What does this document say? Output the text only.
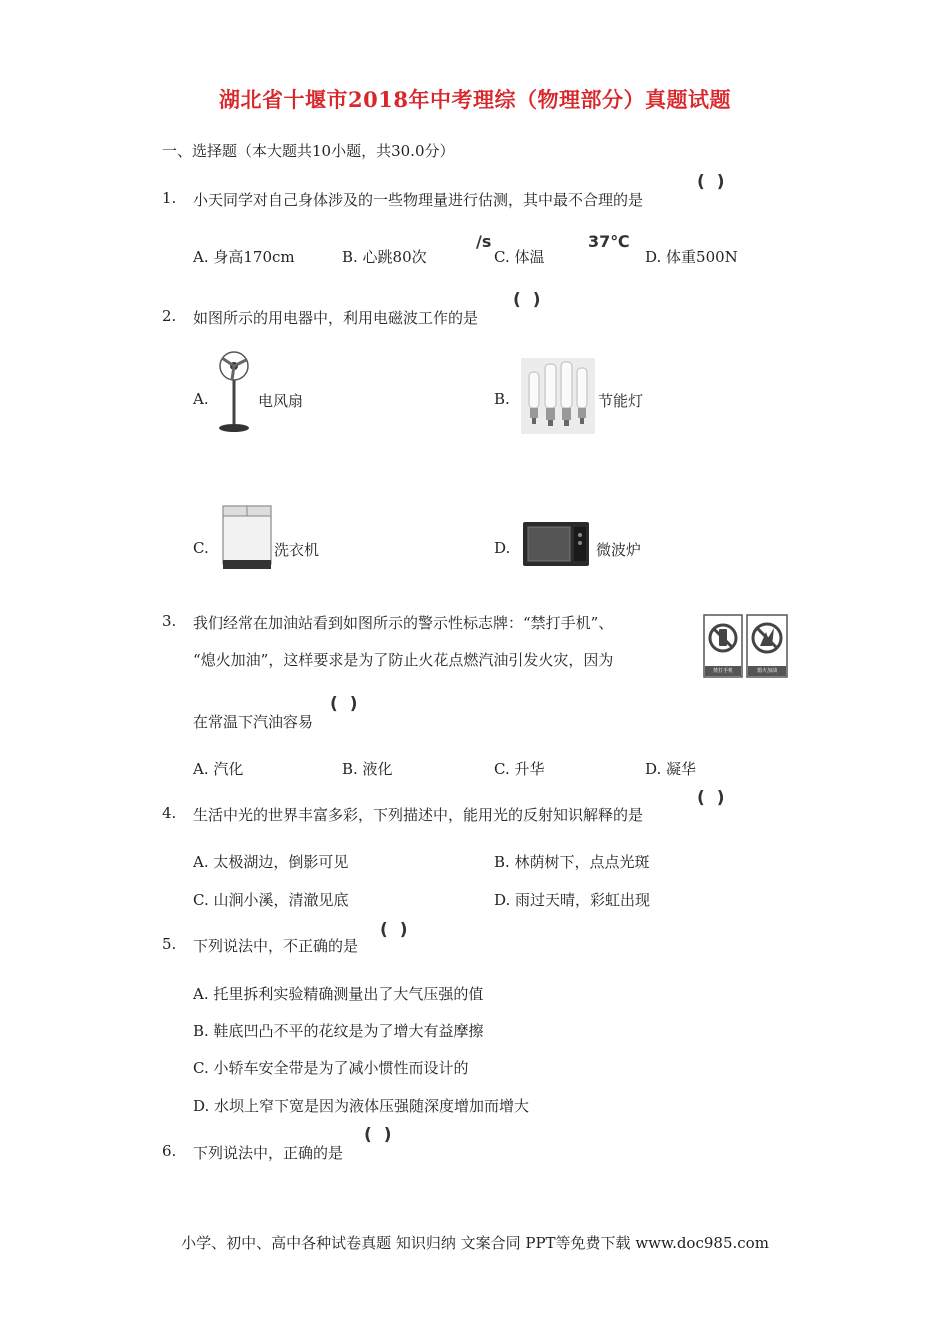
湖北省十堰市2018年中考理综（物理部分）真题试题
一、选择题（本大题共10小题，共30.0分）
1. 小天同学对自己身体涉及的一些物理量进行估测，其中最不合理的是
()
A. 身高170cm	B. 心跳80次
/s
C. 体温
37℃
D. 体重500N
2. 如图所示的用电器中，利用电磁波工作的是
()
A.	电风扇	B.	节能灯
C.	洗衣机	D.	微波炉
3. 我们经常在加油站看到如图所示的警示性标志牌：“禁打手机”、
“熄火加油”，这样要求是为了防止火花点燃汽油引发火灾，因为
在常温下汽油容易
()
禁打手机	熄火加油
A. 汽化	B. 液化	C. 升华	D. 凝华
4. 生活中光的世界丰富多彩，下列描述中，能用光的反射知识解释的是
()
A. 太极湖边，倒影可见	B. 林荫树下，点点光斑
C. 山涧小溪，清澈见底	D. 雨过天晴，彩虹出现
5. 下列说法中，不正确的是
()
A. 托里拆利实验精确测量出了大气压强的值
B. 鞋底凹凸不平的花纹是为了增大有益摩擦
C. 小轿车安全带是为了减小惯性而设计的
D. 水坝上窄下宽是因为液体压强随深度增加而增大
6. 下列说法中，正确的是
()
小学、初中、高中各种试卷真题 知识归纳 文案合同 PPT等免费下载 www.doc985.com
